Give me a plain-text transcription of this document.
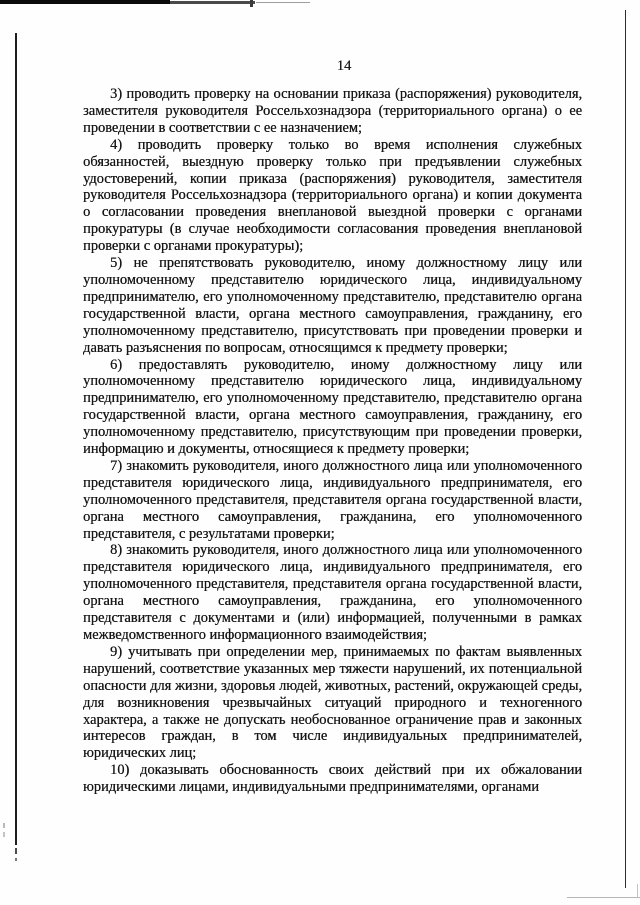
14

3) проводить проверку на основании приказа (распоряжения) руководителя, заместителя руководителя Россельхознадзора (территориального органа) о ее проведении в соответствии с ее назначением;

4) проводить проверку только во время исполнения служебных обязанностей, выездную проверку только при предъявлении служебных удостоверений, копии приказа (распоряжения) руководителя, заместителя руководителя Россельхознадзора (территориального органа) и копии документа о согласовании проведения внеплановой выездной проверки с органами прокуратуры (в случае необходимости согласования проведения внеплановой проверки с органами прокуратуры);

5) не препятствовать руководителю, иному должностному лицу или уполномоченному представителю юридического лица, индивидуальному предпринимателю, его уполномоченному представителю, представителю органа государственной власти, органа местного самоуправления, гражданину, его уполномоченному представителю, присутствовать при проведении проверки и давать разъяснения по вопросам, относящимся к предмету проверки;

6) предоставлять руководителю, иному должностному лицу или уполномоченному представителю юридического лица, индивидуальному предпринимателю, его уполномоченному представителю, представителю органа государственной власти, органа местного самоуправления, гражданину, его уполномоченному представителю, присутствующим при проведении проверки, информацию и документы, относящиеся к предмету проверки;

7) знакомить руководителя, иного должностного лица или уполномоченного представителя юридического лица, индивидуального предпринимателя, его уполномоченного представителя, представителя органа государственной власти, органа местного самоуправления, гражданина, его уполномоченного представителя, с результатами проверки;

8) знакомить руководителя, иного должностного лица или уполномоченного представителя юридического лица, индивидуального предпринимателя, его уполномоченного представителя, представителя органа государственной власти, органа местного самоуправления, гражданина, его уполномоченного представителя с документами и (или) информацией, полученными в рамках межведомственного информационного взаимодействия;

9) учитывать при определении мер, принимаемых по фактам выявленных нарушений, соответствие указанных мер тяжести нарушений, их потенциальной опасности для жизни, здоровья людей, животных, растений, окружающей среды, для возникновения чрезвычайных ситуаций природного и техногенного характера, а также не допускать необоснованное ограничение прав и законных интересов граждан, в том числе индивидуальных предпринимателей, юридических лиц;

10) доказывать обоснованность своих действий при их обжаловании юридическими лицами, индивидуальными предпринимателями, органами
